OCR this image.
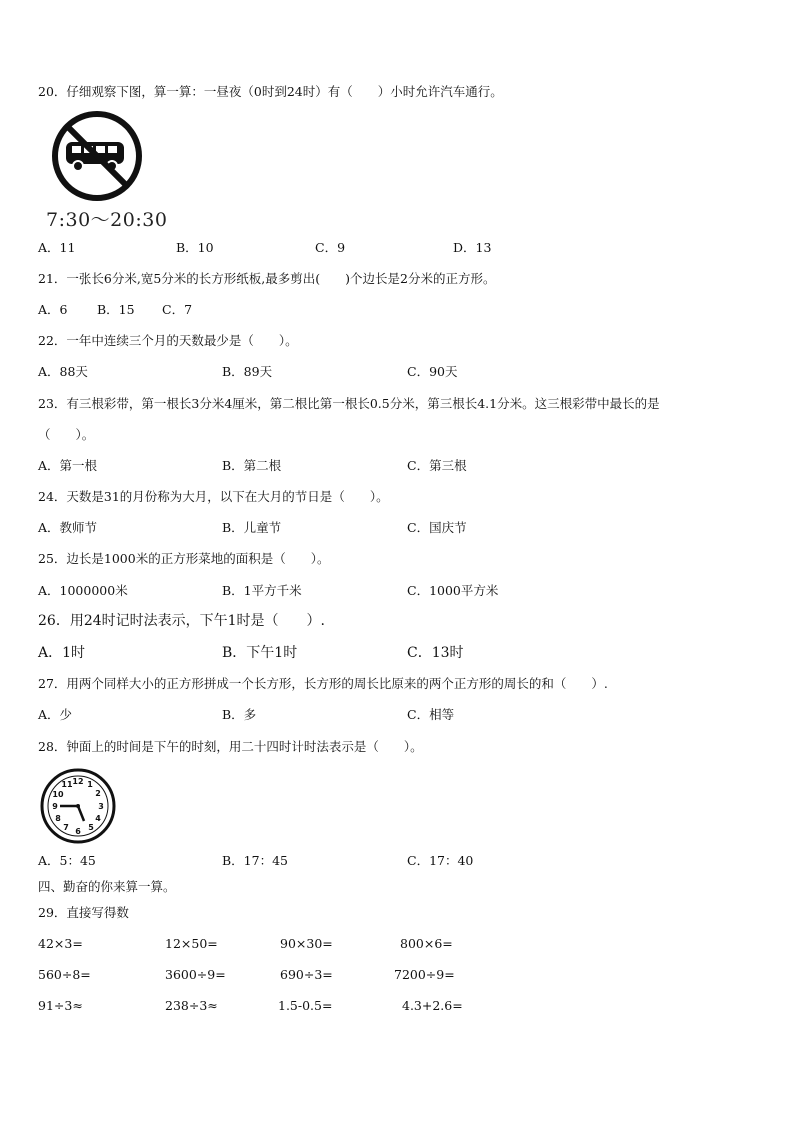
20．仔细观察下图，算一算：一昼夜（0时到24时）有（　　）小时允许汽车通行。
7:30～20:30
A．11	B．10	C．9	D．13
21．一张长6分米,宽5分米的长方形纸板,最多剪出(　　)个边长是2分米的正方形。
A．6 B．15 C．7
22．一年中连续三个月的天数最少是（　　）。
A．88天	B．89天	C．90天
23．有三根彩带，第一根长3分米4厘米，第二根比第一根长0.5分米，第三根长4.1分米。这三根彩带中最长的是
（　　）。
A．第一根	B．第二根	C．第三根
24．天数是31的月份称为大月，以下在大月的节日是（　　）。
A．教师节	B．儿童节	C．国庆节
25．边长是1000米的正方形菜地的面积是（　　）。
A．1000000米	B．1平方千米	C．1000平方米
26．用24时记时法表示，下午1时是（　　）.
A．1时	B．下午1时	C．13时
27．用两个同样大小的正方形拼成一个长方形，长方形的周长比原来的两个正方形的周长的和（　　）.
A．少	B．多	C．相等
28．钟面上的时间是下午的时刻，用二十四时计时法表示是（　　）。
12 1
2
3
4
5
6
7
8
9
10
11
A．5：45	B．17：45	C．17：40
四、勤奋的你来算一算。
29．直接写得数
42×3=	12×50=	90×30=	800×6=
560÷8=	3600÷9=	690÷3=	7200÷9=
91÷3≈	238÷3≈	1.5-0.5=	4.3+2.6=
